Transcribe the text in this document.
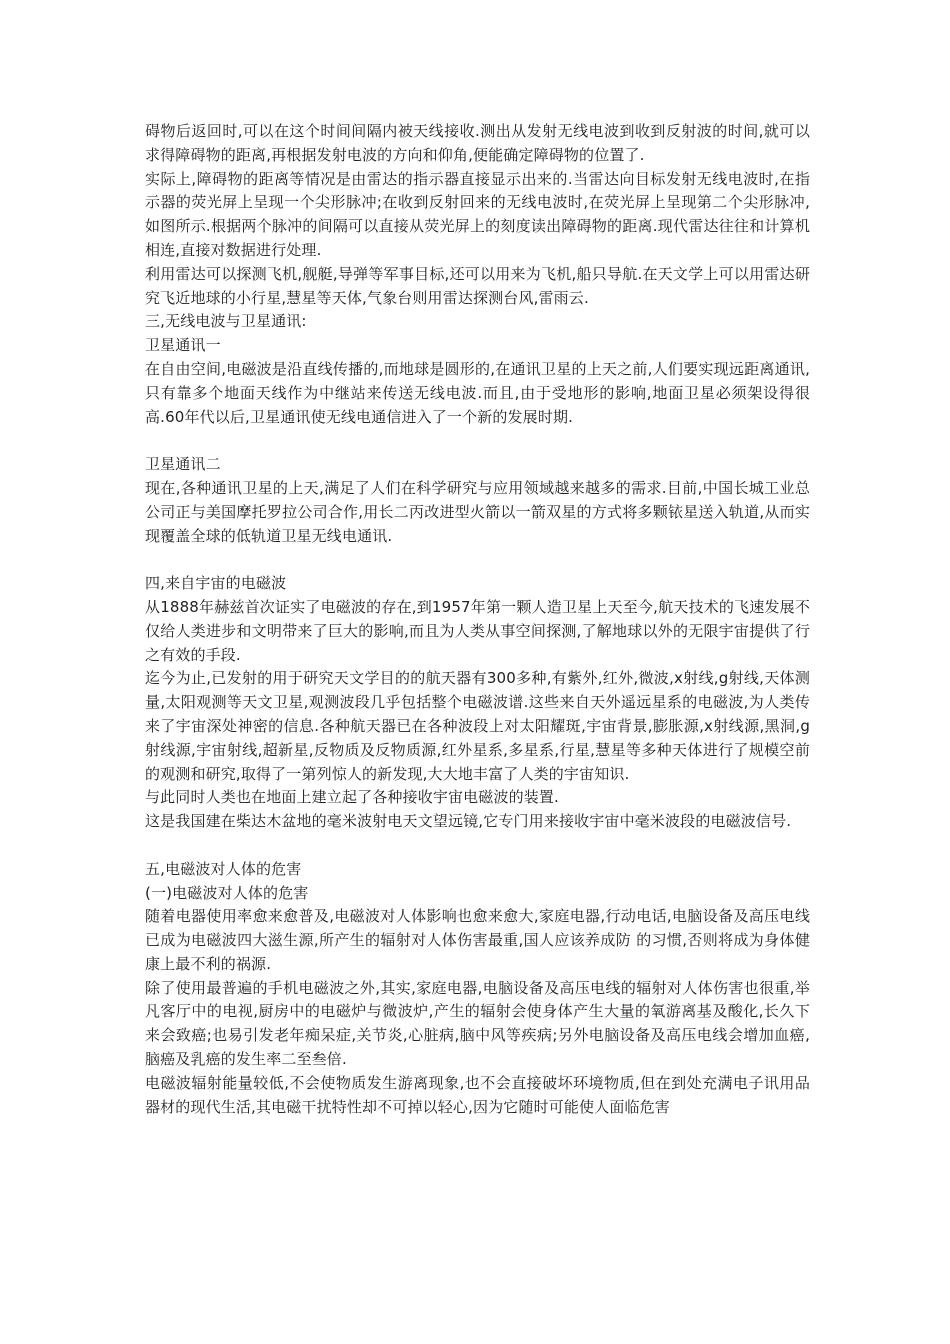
碍物后返回时,可以在这个时间间隔内被天线接收.测出从发射无线电波到收到反射波的时间,就可以求得障碍物的距离,再根据发射电波的方向和仰角,便能确定障碍物的位置了.

实际上,障碍物的距离等情况是由雷达的指示器直接显示出来的.当雷达向目标发射无线电波时,在指示器的荧光屏上呈现一个尖形脉冲;在收到反射回来的无线电波时,在荧光屏上呈现第二个尖形脉冲,如图所示.根据两个脉冲的间隔可以直接从荧光屏上的刻度读出障碍物的距离.现代雷达往往和计算机相连,直接对数据进行处理.

利用雷达可以探测飞机,舰艇,导弹等军事目标,还可以用来为飞机,船只导航.在天文学上可以用雷达研究飞近地球的小行星,慧星等天体,气象台则用雷达探测台风,雷雨云.

三,无线电波与卫星通讯:

卫星通讯一

在自由空间,电磁波是沿直线传播的,而地球是圆形的,在通讯卫星的上天之前,人们要实现远距离通讯,只有靠多个地面天线作为中继站来传送无线电波.而且,由于受地形的影响,地面卫星必须架设得很高.60年代以后,卫星通讯使无线电通信进入了一个新的发展时期.

卫星通讯二

现在,各种通讯卫星的上天,满足了人们在科学研究与应用领域越来越多的需求.目前,中国长城工业总公司正与美国摩托罗拉公司合作,用长二丙改进型火箭以一箭双星的方式将多颗铱星送入轨道,从而实现覆盖全球的低轨道卫星无线电通讯.

四,来自宇宙的电磁波

从1888年赫兹首次证实了电磁波的存在,到1957年第一颗人造卫星上天至今,航天技术的飞速发展不仅给人类进步和文明带来了巨大的影响,而且为人类从事空间探测,了解地球以外的无限宇宙提供了行之有效的手段.

迄今为止,已发射的用于研究天文学目的的航天器有300多种,有紫外,红外,微波,x射线,g射线,天体测量,太阳观测等天文卫星,观测波段几乎包括整个电磁波谱.这些来自天外遥远星系的电磁波,为人类传来了宇宙深处神密的信息.各种航天器已在各种波段上对太阳耀斑,宇宙背景,膨胀源,x射线源,黑洞,g射线源,宇宙射线,超新星,反物质及反物质源,红外星系,多星系,行星,慧星等多种天体进行了规模空前的观测和研究,取得了一第列惊人的新发现,大大地丰富了人类的宇宙知识.

与此同时人类也在地面上建立起了各种接收宇宙电磁波的装置.

这是我国建在柴达木盆地的毫米波射电天文望远镜,它专门用来接收宇宙中毫米波段的电磁波信号.

五,电磁波对人体的危害

(一)电磁波对人体的危害

随着电器使用率愈来愈普及,电磁波对人体影响也愈来愈大,家庭电器,行动电话,电脑设备及高压电线已成为电磁波四大滋生源,所产生的辐射对人体伤害最重,国人应该养成防 的习惯,否则将成为身体健康上最不利的祸源.

除了使用最普遍的手机电磁波之外,其实,家庭电器,电脑设备及高压电线的辐射对人体伤害也很重,举凡客厅中的电视,厨房中的电磁炉与微波炉,产生的辐射会使身体产生大量的氧游离基及酸化,长久下来会致癌;也易引发老年痴呆症,关节炎,心脏病,脑中风等疾病;另外电脑设备及高压电线会增加血癌,脑癌及乳癌的发生率二至叁倍.

电磁波辐射能量较低,不会使物质发生游离现象,也不会直接破坏环境物质,但在到处充满电子讯用品器材的现代生活,其电磁干扰特性却不可掉以轻心,因为它随时可能使人面临危害
